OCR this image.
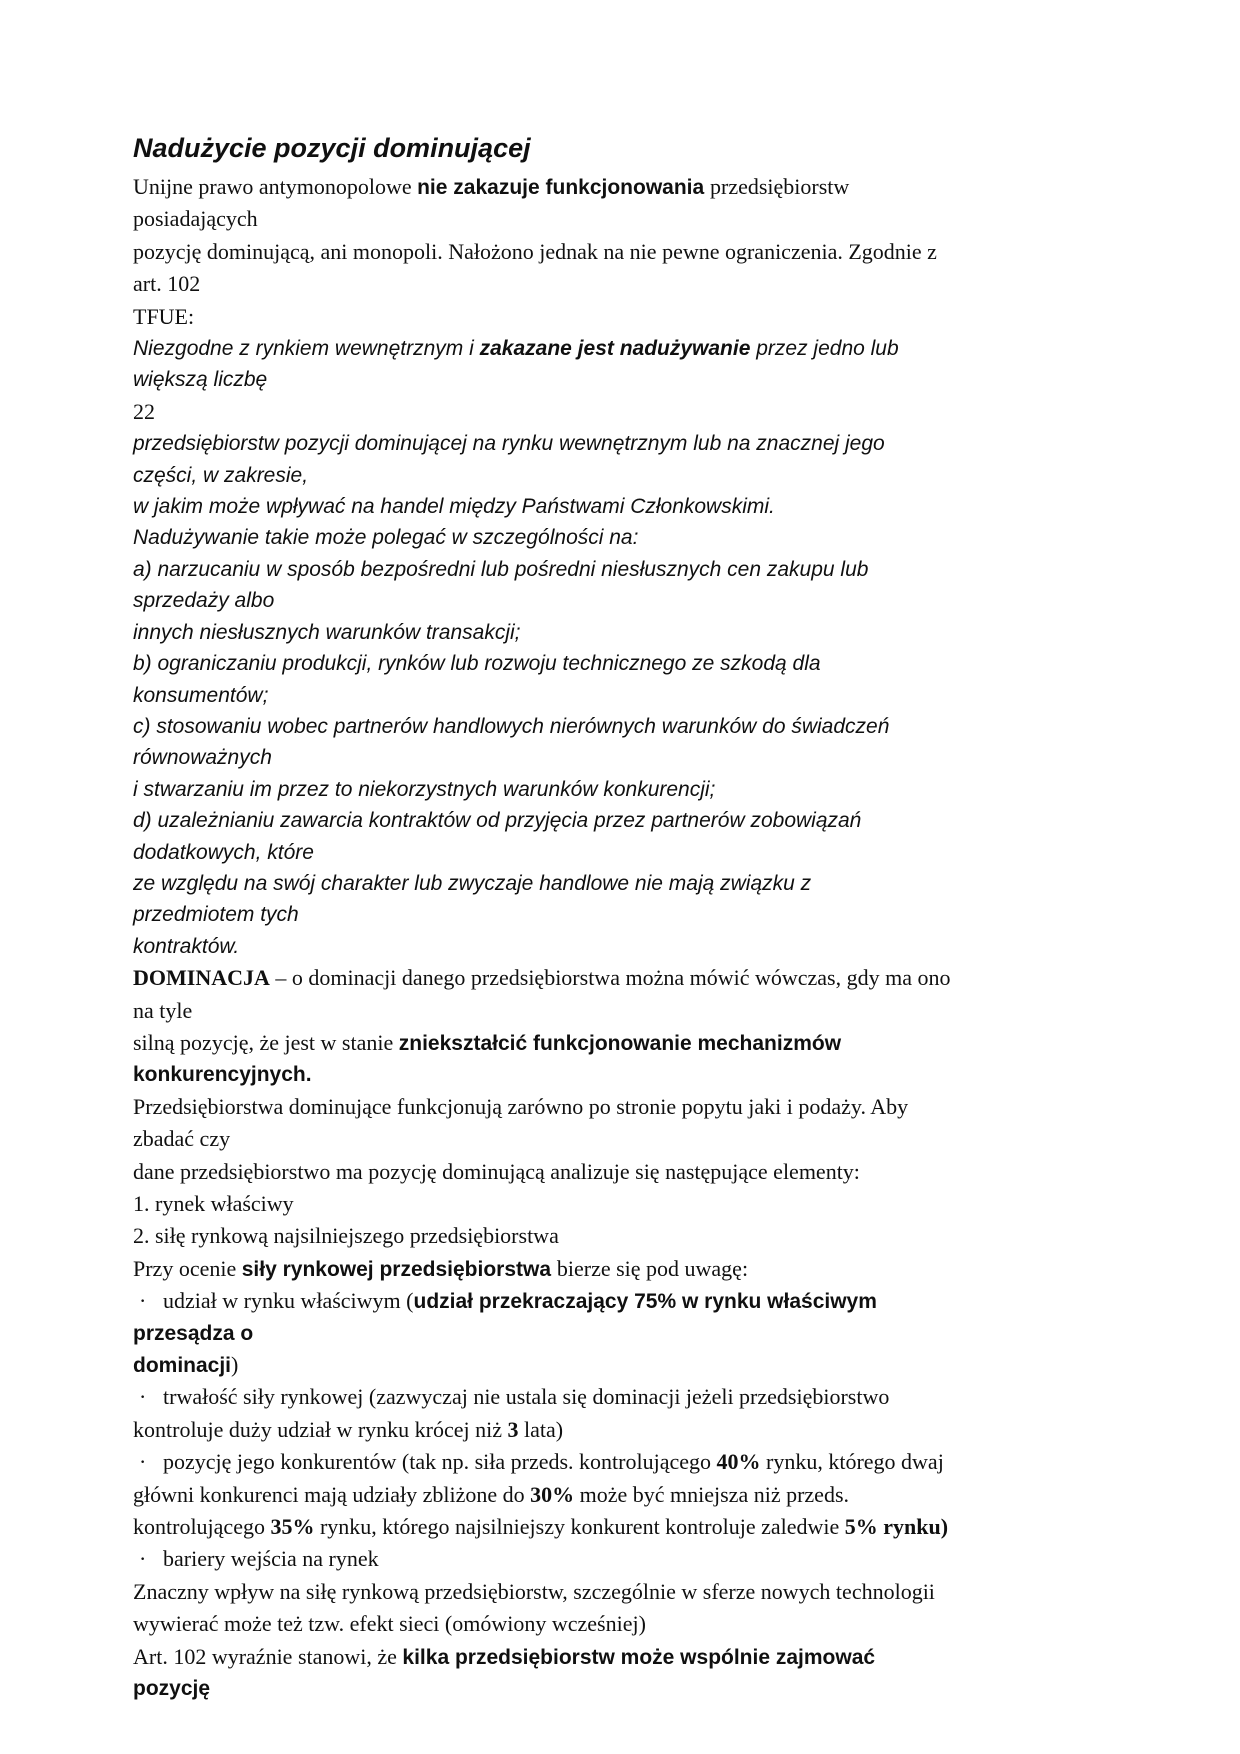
Nadużycie pozycji dominującej
Unijne prawo antymonopolowe nie zakazuje funkcjonowania przedsiębiorstw
posiadających
pozycję dominującą, ani monopoli. Nałożono jednak na nie pewne ograniczenia. Zgodnie z
art. 102
TFUE:
Niezgodne z rynkiem wewnętrznym i zakazane jest nadużywanie przez jedno lub
większą liczbę
22
przedsiębiorstw pozycji dominującej na rynku wewnętrznym lub na znacznej jego
części, w zakresie,
w jakim może wpływać na handel między Państwami Członkowskimi.
Nadużywanie takie może polegać w szczególności na:
a) narzucaniu w sposób bezpośredni lub pośredni niesłusznych cen zakupu lub
sprzedaży albo
innych niesłusznych warunków transakcji;
b) ograniczaniu produkcji, rynków lub rozwoju technicznego ze szkodą dla
konsumentów;
c) stosowaniu wobec partnerów handlowych nierównych warunków do świadczeń
równoważnych
i stwarzaniu im przez to niekorzystnych warunków konkurencji;
d) uzależnianiu zawarcia kontraktów od przyjęcia przez partnerów zobowiązań
dodatkowych, które
ze względu na swój charakter lub zwyczaje handlowe nie mają związku z
przedmiotem tych
kontraktów.
DOMINACJA – o dominacji danego przedsiębiorstwa można mówić wówczas, gdy ma ono
na tyle
silną pozycję, że jest w stanie zniekształcić funkcjonowanie mechanizmów
konkurencyjnych.
Przedsiębiorstwa dominujące funkcjonują zarówno po stronie popytu jaki i podaży. Aby
zbadać czy
dane przedsiębiorstwo ma pozycję dominującą analizuje się następujące elementy:
1. rynek właściwy
2. siłę rynkową najsilniejszego przedsiębiorstwa
Przy ocenie siły rynkowej przedsiębiorstwa bierze się pod uwagę:
· udział w rynku właściwym (udział przekraczający 75% w rynku właściwym
przesądza o
dominacji)
· trwałość siły rynkowej (zazwyczaj nie ustala się dominacji jeżeli przedsiębiorstwo
kontroluje duży udział w rynku krócej niż 3 lata)
· pozycję jego konkurentów (tak np. siła przeds. kontrolującego 40% rynku, którego dwaj
główni konkurenci mają udziały zbliżone do 30% może być mniejsza niż przeds.
kontrolującego 35% rynku, którego najsilniejszy konkurent kontroluje zaledwie 5% rynku)
· bariery wejścia na rynek
Znaczny wpływ na siłę rynkową przedsiębiorstw, szczególnie w sferze nowych technologii
wywierać może też tzw. efekt sieci (omówiony wcześniej)
Art. 102 wyraźnie stanowi, że kilka przedsiębiorstw może wspólnie zajmować
pozycję
